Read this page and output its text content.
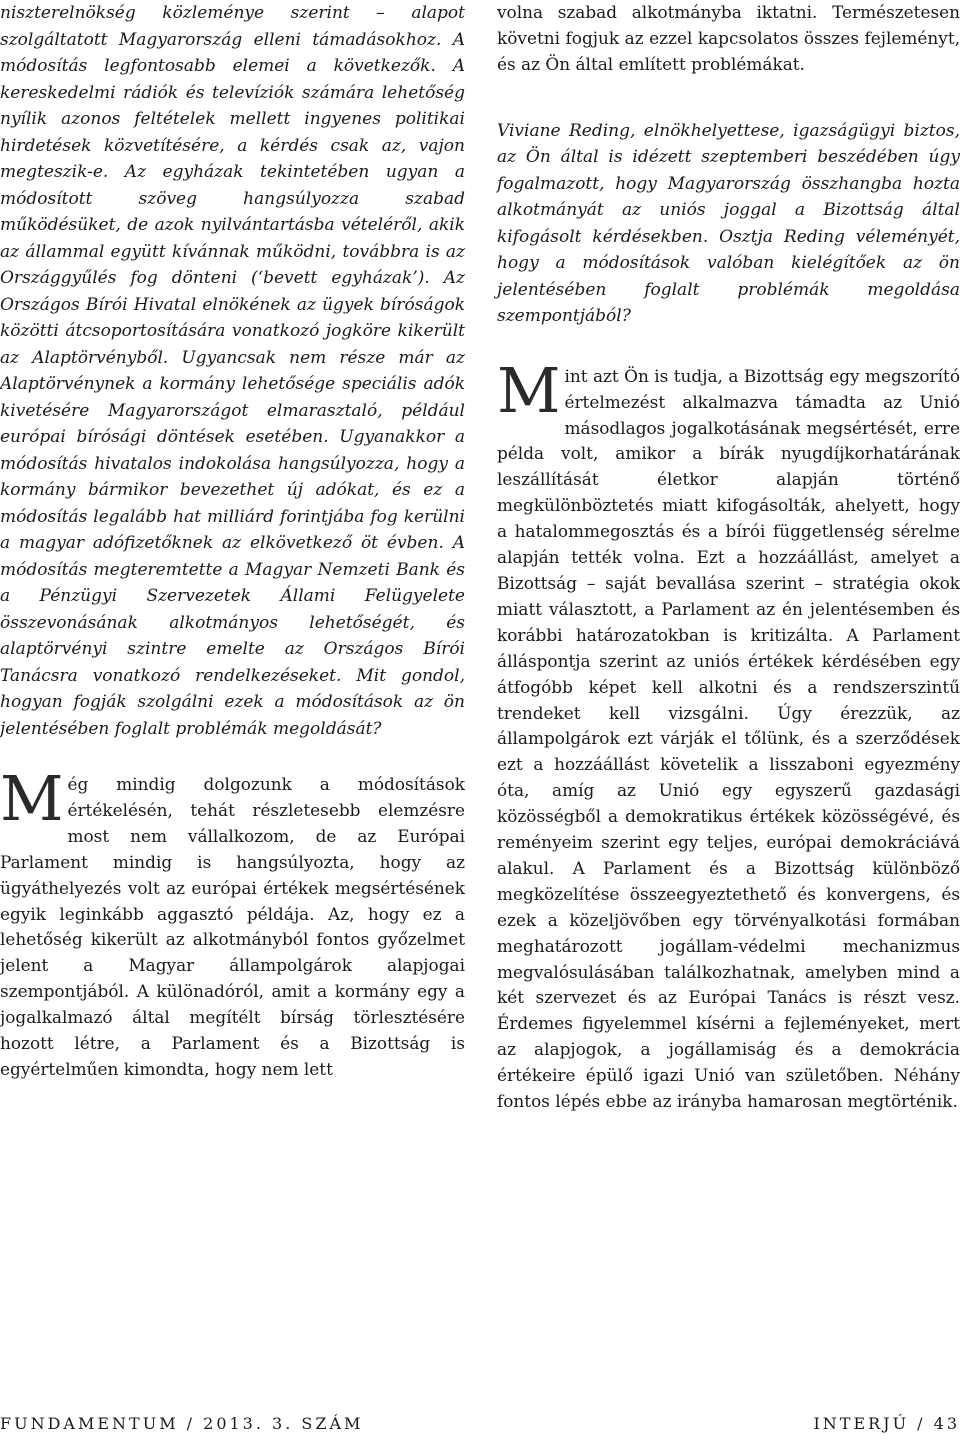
niszterelnökség közleménye szerint – alapot szolgáltatott Magyarország elleni támadásokhoz. A módosítás legfontosabb elemei a következők. A kereskedelmi rádiók és televíziók számára lehetőség nyílik azonos feltételek mellett ingyenes politikai hirdetések közvetítésére, a kérdés csak az, vajon megteszik-e. Az egyházak tekintetében ugyan a módosított szöveg hangsúlyozza szabad működésüket, de azok nyilvántartásba vételéről, akik az állammal együtt kívánnak működni, továbbra is az Országgyűlés fog dönteni (‘bevett egyházak’). Az Országos Bírói Hivatal elnökének az ügyek bíróságok közötti átcsoportosítására vonatkozó jogköre kikerült az Alaptörvényből. Ugyancsak nem része már az Alaptörvénynek a kormány lehetősége speciális adók kivetésére Magyarországot elmarasztaló, például európai bírósági döntések esetében. Ugyanakkor a módosítás hivatalos indokolása hangsúlyozza, hogy a kormány bármikor bevezethet új adókat, és ez a módosítás legalább hat milliárd forintjába fog kerülni a magyar adófizetőknek az elkövetkező öt évben. A módosítás megteremtette a Magyar Nemzeti Bank és a Pénzügyi Szervezetek Állami Felügyelete összevonásának alkotmányos lehetőségét, és alaptörvényi szintre emelte az Országos Bírói Tanácsra vonatkozó rendelkezéseket. Mit gondol, hogyan fogják szolgálni ezek a módosítások az ön jelentésében foglalt problémák megoldását?

Még mindig dolgozunk a módosítások értékelésén, tehát részletesebb elemzésre most nem vállalkozom, de az Európai Parlament mindig is hangsúlyozta, hogy az ügyáthelyezés volt az európai értékek megsértésének egyik leginkább aggasztó példája. Az, hogy ez a lehetőség kikerült az alkotmányból fontos győzelmet jelent a Magyar állampolgárok alapjogai szempontjából. A különadóról, amit a kormány egy a jogalkalmazó által megítélt bírság törlesztésére hozott létre, a Parlament és a Bizottság is egyértelműen kimondta, hogy nem lett

volna szabad alkotmányba iktatni. Természetesen követni fogjuk az ezzel kapcsolatos összes fejleményt, és az Ön által említett problémákat.

Viviane Reding, elnökhelyettese, igazságügyi biztos, az Ön által is idézett szeptemberi beszédében úgy fogalmazott, hogy Magyarország összhangba hozta alkotmányát az uniós joggal a Bizottság által kifogásolt kérdésekben. Osztja Reding véleményét, hogy a módosítások valóban kielégítőek az ön jelentésében foglalt problémák megoldása szempontjából?

Mint azt Ön is tudja, a Bizottság egy megszorító értelmezést alkalmazva támadta az Unió másodlagos jogalkotásának megsértését, erre példa volt, amikor a bírák nyugdíjkorhatárának leszállítását életkor alapján történő megkülönböztetés miatt kifogásolták, ahelyett, hogy a hatalommegosztás és a bírói függetlenség sérelme alapján tették volna. Ezt a hozzáállást, amelyet a Bizottság – saját bevallása szerint – stratégia okok miatt választott, a Parlament az én jelentésemben és korábbi határozatokban is kritizálta. A Parlament álláspontja szerint az uniós értékek kérdésében egy átfogóbb képet kell alkotni és a rendszerszintű trendeket kell vizsgálni. Úgy érezzük, az állampolgárok ezt várják el tőlünk, és a szerződések ezt a hozzáállást követelik a lisszaboni egyezmény óta, amíg az Unió egy egyszerű gazdasági közösségből a demokratikus értékek közösségévé, és reményeim szerint egy teljes, európai demokráciává alakul. A Parlament és a Bizottság különböző megközelítése összeegyeztethető és konvergens, és ezek a közeljövőben egy törvényalkotási formában meghatározott jogállam-védelmi mechanizmus megvalósulásában találkozhatnak, amelyben mind a két szervezet és az Európai Tanács is részt vesz. Érdemes figyelemmel kísérni a fejleményeket, mert az alapjogok, a jogállamiság és a demokrácia értékeire épülő igazi Unió van születőben. Néhány fontos lépés ebbe az irányba hamarosan megtörténik.

FUNDAMENTUM / 2013. 3. SZÁM	INTERJÚ / 43
